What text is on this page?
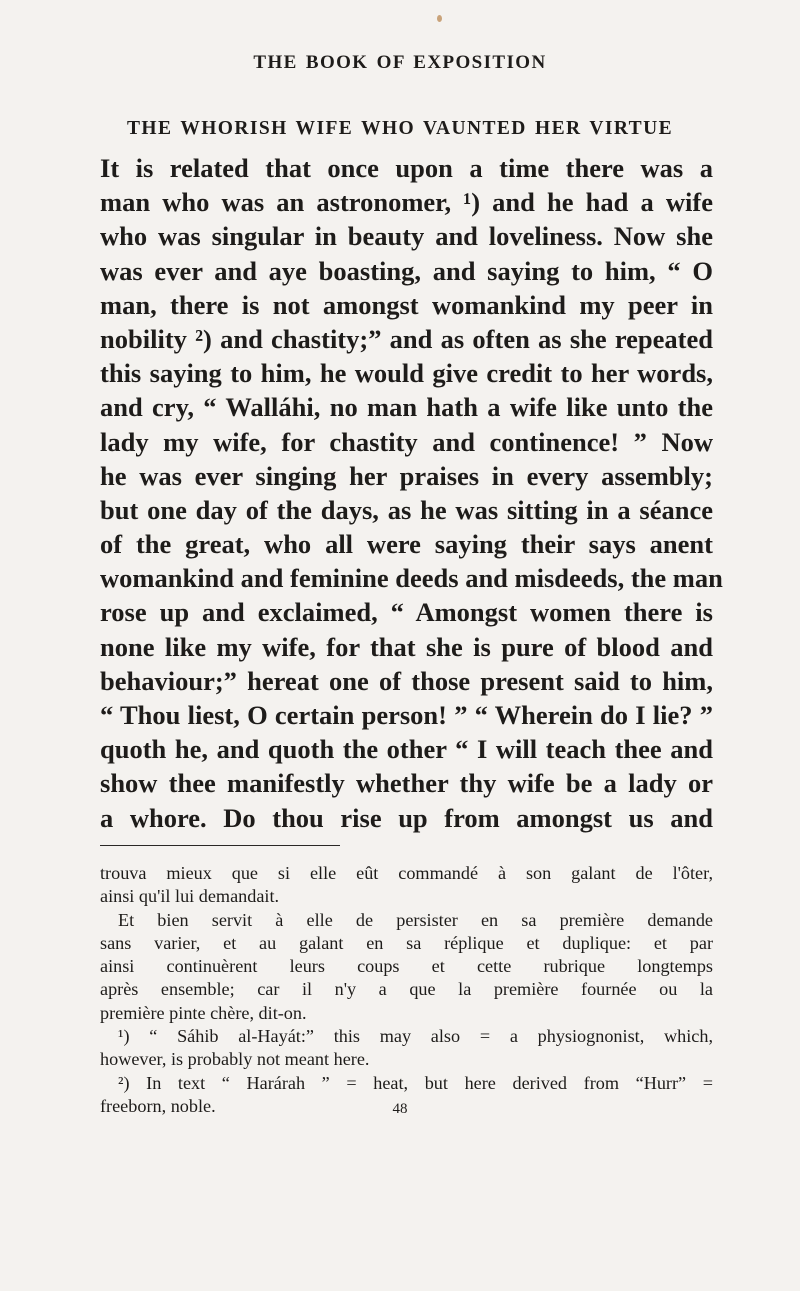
THE BOOK OF EXPOSITION
THE WHORISH WIFE WHO VAUNTED HER VIRTUE
It is related that once upon a time there was a
man who was an astronomer, ¹) and he had a wife
who was singular in beauty and loveliness. Now she
was ever and aye boasting, and saying to him, “ O
man, there is not amongst womankind my peer in
nobility ²) and chastity;” and as often as she repeated
this saying to him, he would give credit to her words,
and cry, “ Walláhi, no man hath a wife like unto the
lady my wife, for chastity and continence! ” Now
he was ever singing her praises in every assembly;
but one day of the days, as he was sitting in a séance
of the great, who all were saying their says anent
womankind and feminine deeds and misdeeds, the man
rose up and exclaimed, “ Amongst women there is
none like my wife, for that she is pure of blood and
behaviour;” hereat one of those present said to him,
“ Thou liest, O certain person! ” “ Wherein do I lie? ”
quoth he, and quoth the other “ I will teach thee and
show thee manifestly whether thy wife be a lady or
a whore. Do thou rise up from amongst us and
trouva mieux que si elle eût commandé à son galant de l'ôter,
ainsi qu'il lui demandait.
Et bien servit à elle de persister en sa première demande
sans varier, et au galant en sa réplique et duplique: et par
ainsi continuèrent leurs coups et cette rubrique longtemps
après ensemble; car il n'y a que la première fournée ou la
première pinte chère, dit-on.
¹) “ Sáhib al-Hayát:” this may also = a physiognonist, which,
however, is probably not meant here.
²) In text “ Harárah ” = heat, but here derived from “Hurr” =
freeborn, noble.	48
